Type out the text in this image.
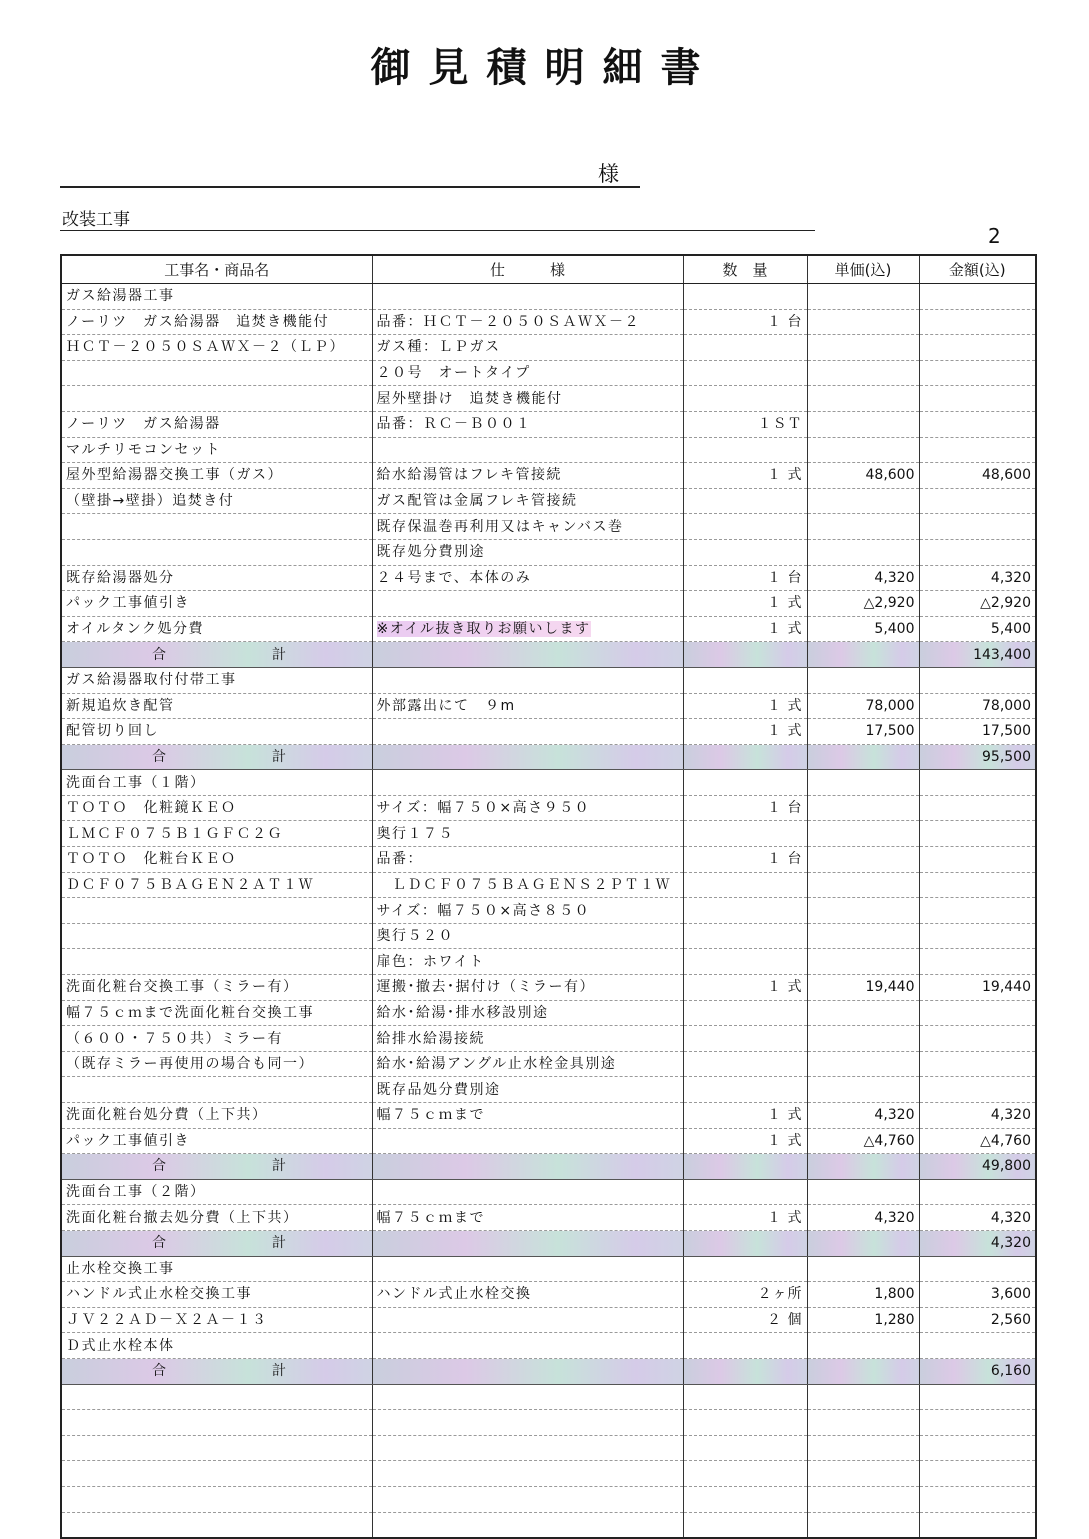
御見積明細書
様
改装工事
2
工事名・商品名	仕　　　様	数　量	単価(込)	金額(込)
ガス給湯器工事				
ノーリツ　ガス給湯器　追焚き機能付	品番：ＨＣＴ－２０５０ＳＡＷＸ－２	１ 台		
ＨＣＴ－２０５０ＳＡＷＸ－２（ＬＰ）	ガス種：ＬＰガス			
	２０号　オートタイプ			
	屋外壁掛け　追焚き機能付			
ノーリツ　ガス給湯器	品番：ＲＣ－Ｂ００１	１ＳＴ		
マルチリモコンセット				
屋外型給湯器交換工事（ガス）	給水給湯管はフレキ管接続	１ 式	48,600	48,600
（壁掛→壁掛）追焚き付	ガス配管は金属フレキ管接続			
	既存保温巻再利用又はキャンバス巻			
	既存処分費別途			
既存給湯器処分	２４号まで、本体のみ	１ 台	4,320	4,320
パック工事値引き		１ 式	△2,920	△2,920
オイルタンク処分費	※オイル抜き取りお願いします	１ 式	5,400	5,400
合 計				143,400
ガス給湯器取付付帯工事				
新規追炊き配管	外部露出にて　９m	１ 式	78,000	78,000
配管切り回し		１ 式	17,500	17,500
合 計				95,500
洗面台工事（１階）				
ＴＯＴＯ　化粧鏡ＫＥＯ	サイズ：幅７５０×高さ９５０	１ 台		
ＬＭＣＦ０７５Ｂ１ＧＦＣ２Ｇ	奥行１７５			
ＴＯＴＯ　化粧台ＫＥＯ	品番：	１ 台		
ＤＣＦ０７５ＢＡＧＥＮ２ＡＴ１Ｗ	　ＬＤＣＦ０７５ＢＡＧＥＮＳ２ＰＴ１Ｗ			
	サイズ：幅７５０×高さ８５０			
	奥行５２０			
	扉色：ホワイト			
洗面化粧台交換工事（ミラー有）	運搬･撤去･据付け（ミラー有）	１ 式	19,440	19,440
幅７５ｃｍまで洗面化粧台交換工事	給水･給湯･排水移設別途			
（６００・７５０共）ミラー有	給排水給湯接続			
（既存ミラー再使用の場合も同一）	給水･給湯アングル止水栓金具別途			
	既存品処分費別途			
洗面化粧台処分費（上下共）	幅７５ｃｍまで	１ 式	4,320	4,320
パック工事値引き		１ 式	△4,760	△4,760
合 計				49,800
洗面台工事（２階）				
洗面化粧台撤去処分費（上下共）	幅７５ｃｍまで	１ 式	4,320	4,320
合 計				4,320
止水栓交換工事				
ハンドル式止水栓交換工事	ハンドル式止水栓交換	２ヶ所	1,800	3,600
ＪＶ２２ＡＤ－Ｘ２Ａ－１３		２ 個	1,280	2,560
Ｄ式止水栓本体				
合 計				6,160
